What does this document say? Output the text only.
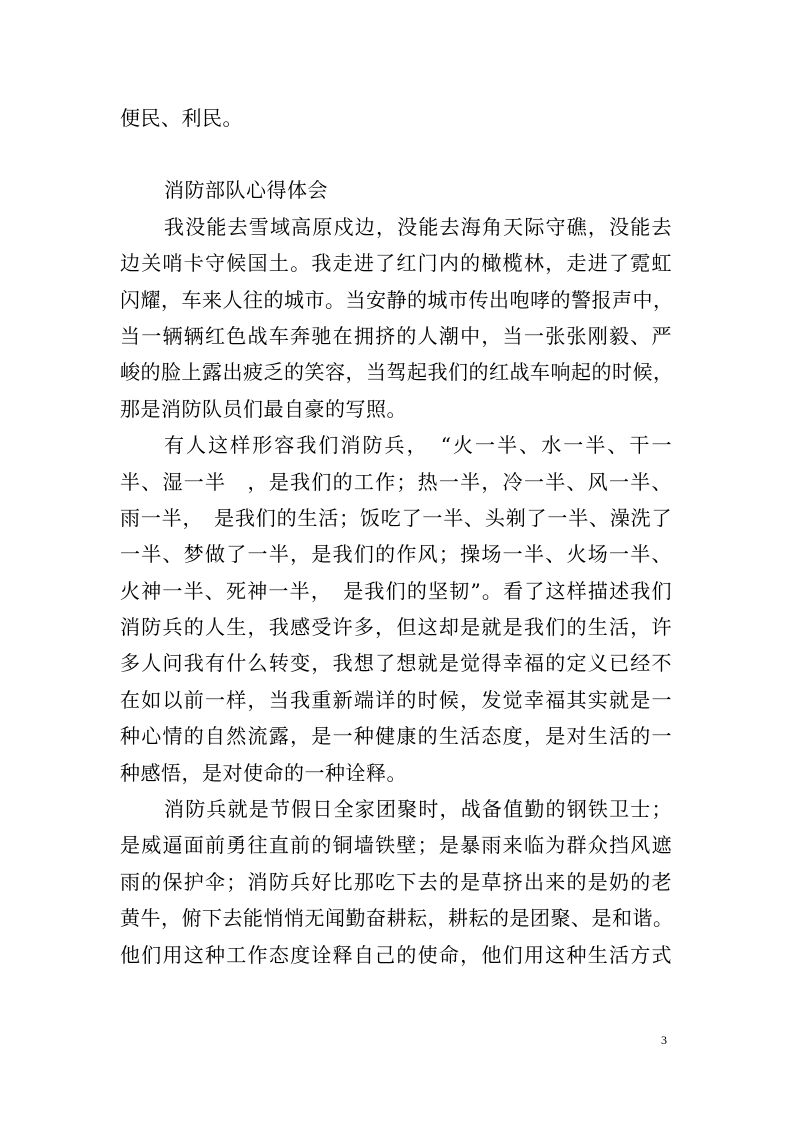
便民、利民。
消防部队心得体会
我没能去雪域高原戍边，没能去海角天际守礁，没能去
边关哨卡守候国土。我走进了红门内的橄榄林，走进了霓虹
闪耀，车来人往的城市。当安静的城市传出咆哮的警报声中，
当一辆辆红色战车奔驰在拥挤的人潮中，当一张张刚毅、严
峻的脸上露出疲乏的笑容，当驾起我们的红战车响起的时候，
那是消防队员们最自豪的写照。
有人这样形容我们消防兵，　“火一半、水一半、干一
半、湿一半　，是我们的工作；热一半，冷一半、风一半、
雨一半，　是我们的生活；饭吃了一半、头剃了一半、澡洗了
一半、梦做了一半，是我们的作风；操场一半、火场一半、
火神一半、死神一半，　是我们的坚韧”。看了这样描述我们
消防兵的人生，我感受许多，但这却是就是我们的生活，许
多人问我有什么转变，我想了想就是觉得幸福的定义已经不
在如以前一样，当我重新端详的时候，发觉幸福其实就是一
种心情的自然流露，是一种健康的生活态度，是对生活的一
种感悟，是对使命的一种诠释。
消防兵就是节假日全家团聚时，战备值勤的钢铁卫士；
是威逼面前勇往直前的铜墙铁壁；是暴雨来临为群众挡风遮
雨的保护伞；消防兵好比那吃下去的是草挤出来的是奶的老
黄牛，俯下去能悄悄无闻勤奋耕耘，耕耘的是团聚、是和谐。
他们用这种工作态度诠释自己的使命，他们用这种生活方式
3
